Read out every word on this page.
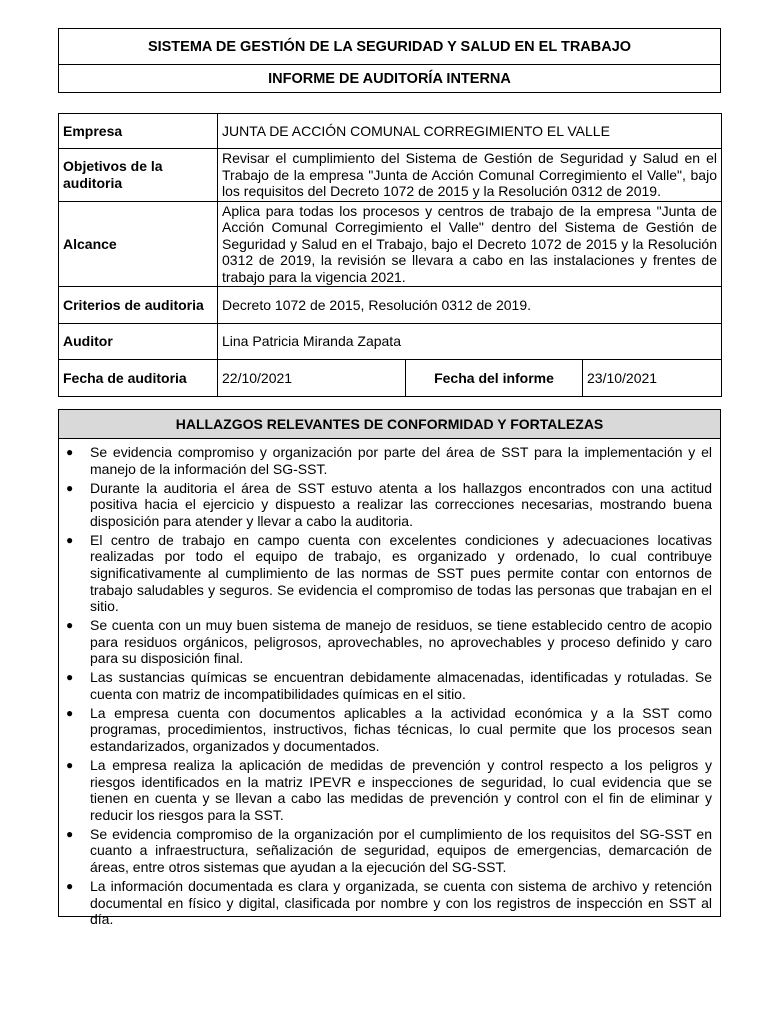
SISTEMA DE GESTIÓN DE LA SEGURIDAD Y SALUD EN EL TRABAJO
INFORME DE AUDITORÍA INTERNA
Empresa	JUNTA DE ACCIÓN COMUNAL CORREGIMIENTO EL VALLE		
Objetivos de la auditoria	Revisar el cumplimiento del Sistema de Gestión de Seguridad y Salud en el Trabajo de la empresa "Junta de Acción Comunal Corregimiento el Valle", bajo los requisitos del Decreto 1072 de 2015 y la Resolución 0312 de 2019.		
Alcance	Aplica para todas los procesos y centros de trabajo de la empresa "Junta de Acción Comunal Corregimiento el Valle" dentro del Sistema de Gestión de Seguridad y Salud en el Trabajo, bajo el Decreto 1072 de 2015 y la Resolución 0312 de 2019, la revisión se llevara a cabo en las instalaciones y frentes de trabajo para la vigencia 2021.		
Criterios de auditoria	Decreto 1072 de 2015, Resolución 0312 de 2019.		
Auditor	Lina Patricia Miranda Zapata		
Fecha de auditoria	22/10/2021	Fecha del informe	23/10/2021
HALLAZGOS RELEVANTES DE CONFORMIDAD Y FORTALEZAS
● Se evidencia compromiso y organización por parte del área de SST para la implementación y el manejo de la información del SG-SST.
● Durante la auditoria el área de SST estuvo atenta a los hallazgos encontrados con una actitud positiva hacia el ejercicio y dispuesto a realizar las correcciones necesarias, mostrando buena disposición para atender y llevar a cabo la auditoria.
● El centro de trabajo en campo cuenta con excelentes condiciones y adecuaciones locativas realizadas por todo el equipo de trabajo, es organizado y ordenado, lo cual contribuye significativamente al cumplimiento de las normas de SST pues permite contar con entornos de trabajo saludables y seguros. Se evidencia el compromiso de todas las personas que trabajan en el sitio.
● Se cuenta con un muy buen sistema de manejo de residuos, se tiene establecido centro de acopio para residuos orgánicos, peligrosos, aprovechables, no aprovechables y proceso definido y caro para su disposición final.
● Las sustancias químicas se encuentran debidamente almacenadas, identificadas y rotuladas. Se cuenta con matriz de incompatibilidades químicas en el sitio.
● La empresa cuenta con documentos aplicables a la actividad económica y a la SST como programas, procedimientos, instructivos, fichas técnicas, lo cual permite que los procesos sean estandarizados, organizados y documentados.
● La empresa realiza la aplicación de medidas de prevención y control respecto a los peligros y riesgos identificados en la matriz IPEVR e inspecciones de seguridad, lo cual evidencia que se tienen en cuenta y se llevan a cabo las medidas de prevención y control con el fin de eliminar y reducir los riesgos para la SST.
● Se evidencia compromiso de la organización por el cumplimiento de los requisitos del SG-SST en cuanto a infraestructura, señalización de seguridad, equipos de emergencias, demarcación de áreas, entre otros sistemas que ayudan a la ejecución del SG-SST.
● La información documentada es clara y organizada, se cuenta con sistema de archivo y retención documental en físico y digital, clasificada por nombre y con los registros de inspección en SST al día.
